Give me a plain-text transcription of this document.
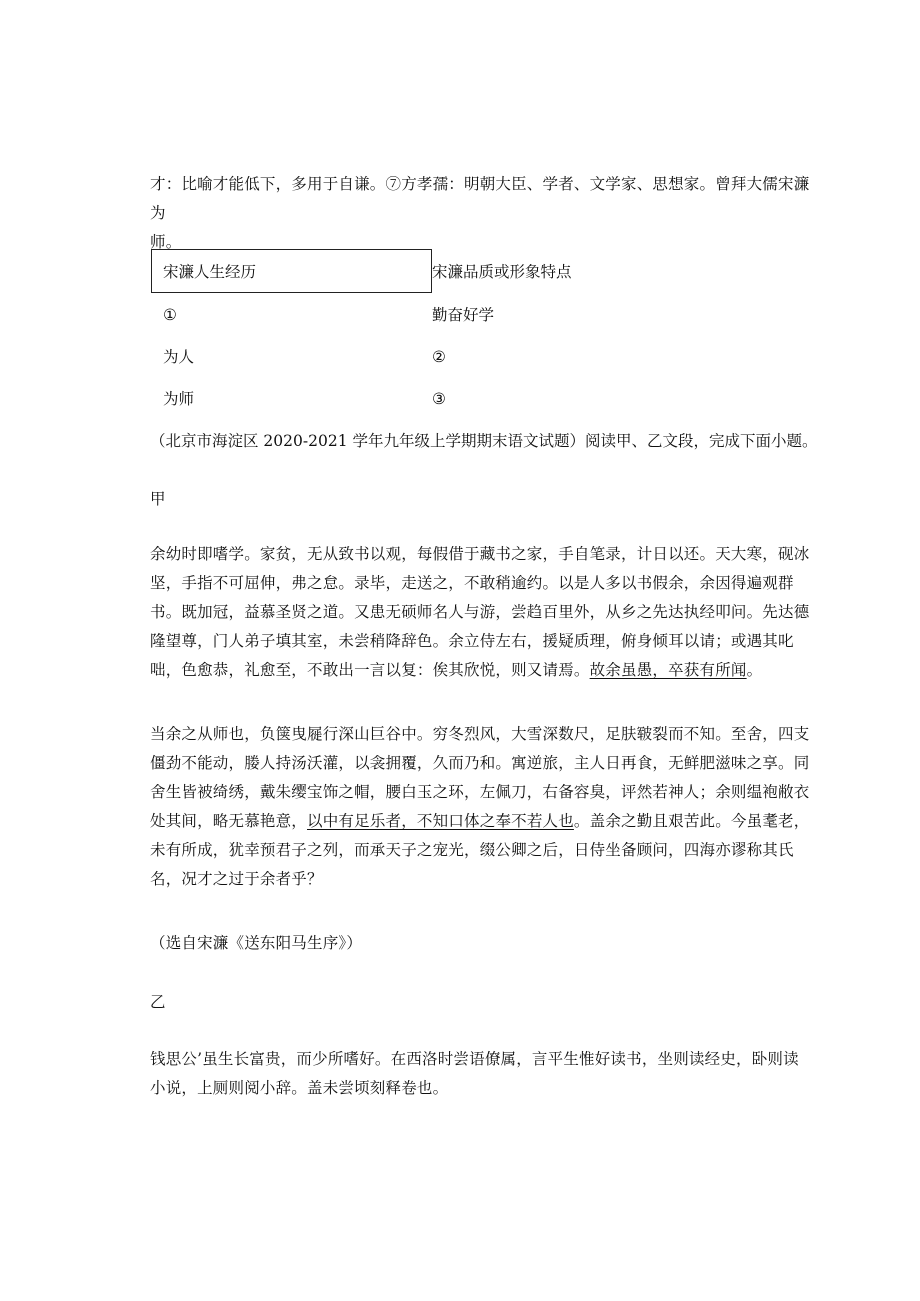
才：比喻才能低下，多用于自谦。⑦方孝孺：明朝大臣、学者、文学家、思想家。曾拜大儒宋濂为
师。

宋濂人生经历	宋濂品质或形象特点
①	勤奋好学
为人	②
为师	③

（北京市海淀区 2020-2021 学年九年级上学期期末语文试题）阅读甲、乙文段，完成下面小题。

甲

余幼时即嗜学。家贫，无从致书以观，每假借于藏书之家，手自笔录，计日以还。天大寒，砚冰坚，手指不可屈伸，弗之怠。录毕，走送之，不敢稍逾约。以是人多以书假余，余因得遍观群书。既加冠，益慕圣贤之道。又患无硕师名人与游，尝趋百里外，从乡之先达执经叩问。先达德隆望尊，门人弟子填其室，未尝稍降辞色。余立侍左右，援疑质理，俯身倾耳以请；或遇其叱咄，色愈恭，礼愈至，不敢出一言以复：俟其欣悦，则又请焉。故余虽愚，卒获有所闻。

当余之从师也，负箧曳屣行深山巨谷中。穷冬烈风，大雪深数尺，足肤皲裂而不知。至舍，四支僵劲不能动，媵人持汤沃灌，以衾拥覆，久而乃和。寓逆旅，主人日再食，无鲜肥滋味之享。同舍生皆被绮绣，戴朱缨宝饰之帽，腰白玉之环，左佩刀，右备容臭，评然若神人；余则缊袍敝衣处其间，略无慕艳意，以中有足乐者，不知口体之奉不若人也。盖余之勤且艰苦此。今虽耄老，未有所成，犹幸预君子之列，而承天子之宠光，缀公卿之后，日侍坐备顾问，四海亦谬称其氏名，况才之过于余者乎？

（选自宋濂《送东阳马生序》）

乙

钱思公’虽生长富贵，而少所嗜好。在西洛时尝语僚属，言平生惟好读书，坐则读经史，卧则读小说，上厕则阅小辞。盖未尝顷刻释卷也。
